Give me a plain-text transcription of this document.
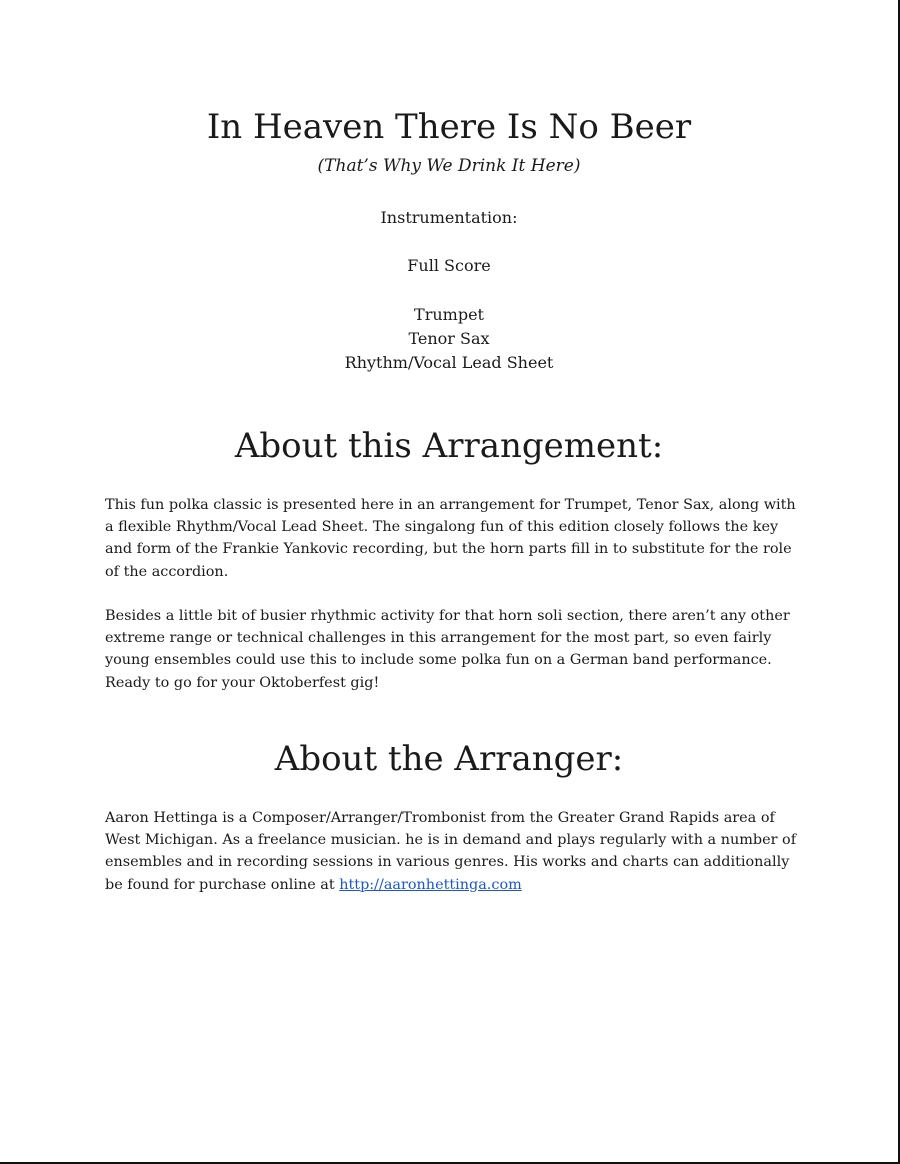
In Heaven There Is No Beer

(That’s Why We Drink It Here)

Instrumentation:

Full Score

Trumpet

Tenor Sax

Rhythm/Vocal Lead Sheet

About this Arrangement:

This fun polka classic is presented here in an arrangement for Trumpet, Tenor Sax, along with a flexible Rhythm/Vocal Lead Sheet. The singalong fun of this edition closely follows the key and form of the Frankie Yankovic recording, but the horn parts fill in to substitute for the role of the accordion.

Besides a little bit of busier rhythmic activity for that horn soli section, there aren’t any other extreme range or technical challenges in this arrangement for the most part, so even fairly young ensembles could use this to include some polka fun on a German band performance. Ready to go for your Oktoberfest gig!

About the Arranger:

Aaron Hettinga is a Composer/Arranger/Trombonist from the Greater Grand Rapids area of West Michigan. As a freelance musician. he is in demand and plays regularly with a number of ensembles and in recording sessions in various genres. His works and charts can additionally be found for purchase online at http://aaronhettinga.com
